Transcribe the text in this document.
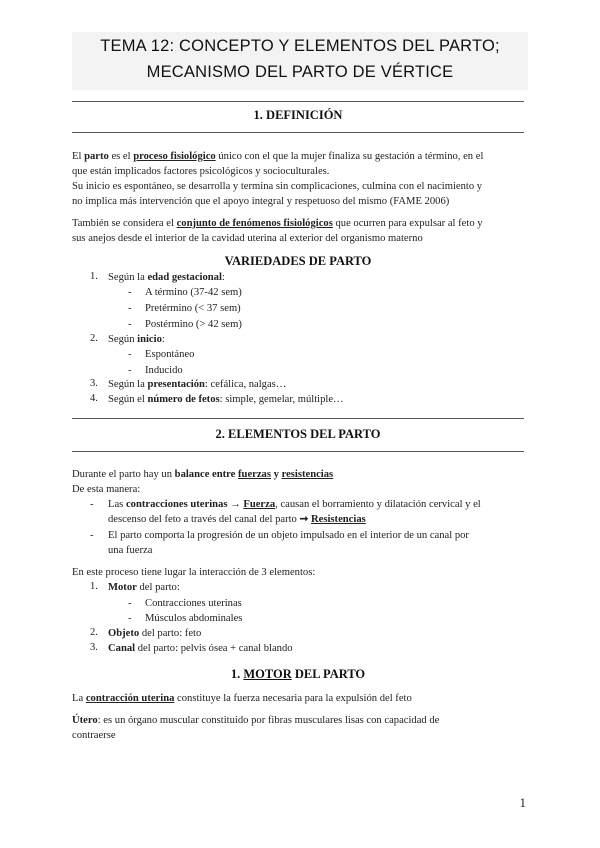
TEMA 12: CONCEPTO Y ELEMENTOS DEL PARTO;
MECANISMO DEL PARTO DE VÉRTICE
1. DEFINICIÓN
El parto es el proceso fisiológico único con el que la mujer finaliza su gestación a término, en el
que están implicados factores psicológicos y socioculturales.
Su inicio es espontáneo, se desarrolla y termina sin complicaciones, culmina con el nacimiento y
no implica más intervención que el apoyo integral y respetuoso del mismo (FAME 2006)
También se considera el conjunto de fenómenos fisiológicos que ocurren para expulsar al feto y
sus anejos desde el interior de la cavidad uterina al exterior del organismo materno
VARIEDADES DE PARTO
1. Según la edad gestacional:
- A término (37-42 sem)
- Pretérmino (< 37 sem)
- Postérmino (> 42 sem)
2. Según inicio:
- Espontáneo
- Inducido
3. Según la presentación: cefálica, nalgas…
4. Según el número de fetos: simple, gemelar, múltiple…
2. ELEMENTOS DEL PARTO
Durante el parto hay un balance entre fuerzas y resistencias
De esta manera:
- Las contracciones uterinas → Fuerza, causan el borramiento y dilatación cervical y el
descenso del feto a través del canal del parto ➞ Resistencias
- El parto comporta la progresión de un objeto impulsado en el interior de un canal por
una fuerza
En este proceso tiene lugar la interacción de 3 elementos:
1. Motor del parto:
- Contracciones uterinas
- Músculos abdominales
2. Objeto del parto: feto
3. Canal del parto: pelvis ósea + canal blando
1. MOTOR DEL PARTO
La contracción uterina constituye la fuerza necesaria para la expulsión del feto
Útero: es un órgano muscular constituido por fibras musculares lisas con capacidad de
contraerse
1
